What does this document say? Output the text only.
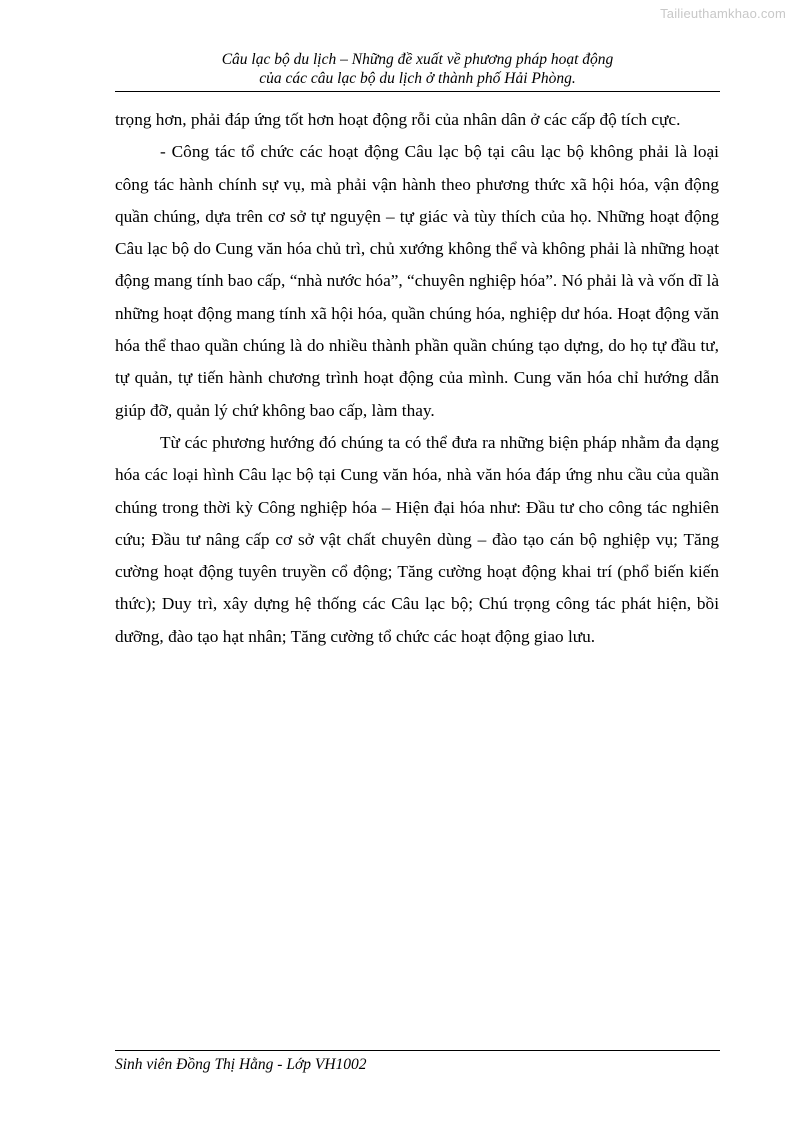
Tailieuthamkhao.com
Câu lạc bộ du lịch – Những đề xuất về phương pháp hoạt động
của các câu lạc bộ du lịch ở thành phố Hải Phòng.

trọng hơn, phải đáp ứng tốt hơn hoạt động rỗi của nhân dân ở các cấp độ tích cực.

- Công tác tổ chức các hoạt động Câu lạc bộ tại câu lạc bộ không phải là loại công tác hành chính sự vụ, mà phải vận hành theo phương thức xã hội hóa, vận động quần chúng, dựa trên cơ sở tự nguyện – tự giác và tùy thích của họ. Những hoạt động Câu lạc bộ do Cung văn hóa chủ trì, chủ xướng không thể và không phải là những hoạt động mang tính bao cấp, “nhà nước hóa”, “chuyên nghiệp hóa”. Nó phải là và vốn dĩ là những hoạt động mang tính xã hội hóa, quần chúng hóa, nghiệp dư hóa. Hoạt động văn hóa thể thao quần chúng là do nhiều thành phần quần chúng tạo dựng, do họ tự đầu tư, tự quản, tự tiến hành chương trình hoạt động của mình. Cung văn hóa chỉ hướng dẫn giúp đỡ, quản lý chứ không bao cấp, làm thay.

Từ các phương hướng đó chúng ta có thể đưa ra những biện pháp nhằm đa dạng hóa các loại hình Câu lạc bộ tại Cung văn hóa, nhà văn hóa đáp ứng nhu cầu của quần chúng trong thời kỳ Công nghiệp hóa – Hiện đại hóa như: Đầu tư cho công tác nghiên cứu; Đầu tư nâng cấp cơ sở vật chất chuyên dùng – đào tạo cán bộ nghiệp vụ; Tăng cường hoạt động tuyên truyền cổ động; Tăng cường hoạt động khai trí (phổ biến kiến thức); Duy trì, xây dựng hệ thống các Câu lạc bộ; Chú trọng công tác phát hiện, bồi dưỡng, đào tạo hạt nhân; Tăng cường tổ chức các hoạt động giao lưu.

Sinh viên Đồng Thị Hằng - Lớp VH1002
